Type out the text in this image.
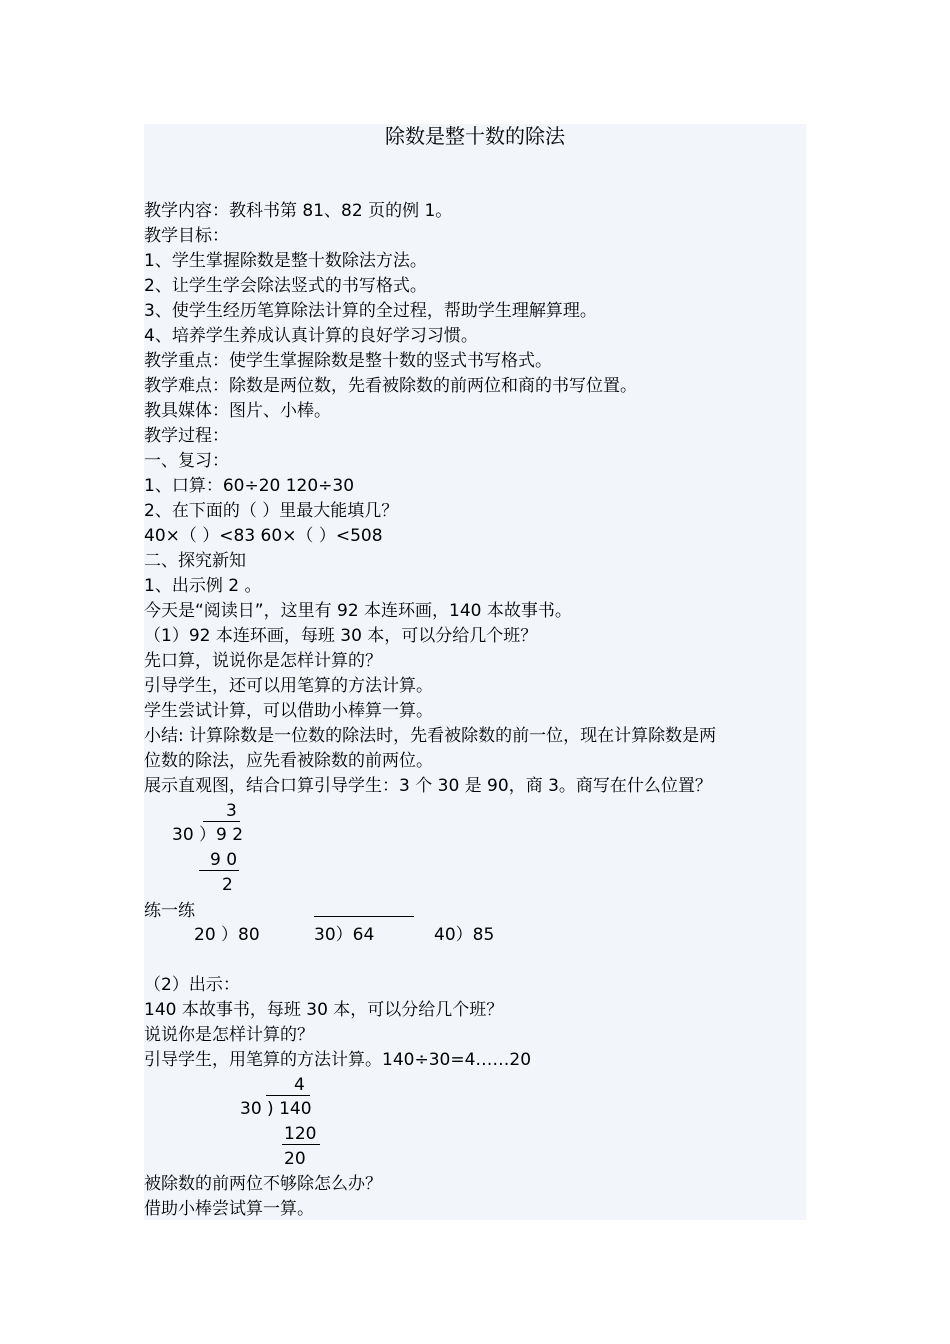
除数是整十数的除法
教学内容：教科书第 81、82 页的例 1。
教学目标：
1、学生掌握除数是整十数除法方法。
2、让学生学会除法竖式的书写格式。
3、使学生经历笔算除法计算的全过程，帮助学生理解算理。
4、培养学生养成认真计算的良好学习习惯。
教学重点：使学生掌握除数是整十数的竖式书写格式。
教学难点：除数是两位数，先看被除数的前两位和商的书写位置。
教具媒体：图片、小棒。
教学过程：
一、复习：
1、口算：60÷20 120÷30
2、在下面的（ ）里最大能填几？
40×（ ）<83 60×（ ）<508
二、探究新知
1、出示例 2 。
今天是“阅读日”，这里有 92 本连环画，140 本故事书。
（1）92 本连环画，每班 30 本，可以分给几个班？
先口算，说说你是怎样计算的？
引导学生，还可以用笔算的方法计算。
学生尝试计算，可以借助小棒算一算。
小结: 计算除数是一位数的除法时，先看被除数的前一位，现在计算除数是两
位数的除法，应先看被除数的前两位。
展示直观图，结合口算引导学生：3 个 30 是 90，商 3。商写在什么位置？
3
30 ）9 2
9 0
2
练一练
20 ）80	30）64	40）85
（2）出示：
140 本故事书，每班 30 本，可以分给几个班？
说说你是怎样计算的？
引导学生，用笔算的方法计算。140÷30=4……20
4
30 ) 140
120
20
被除数的前两位不够除怎么办？
借助小棒尝试算一算。
